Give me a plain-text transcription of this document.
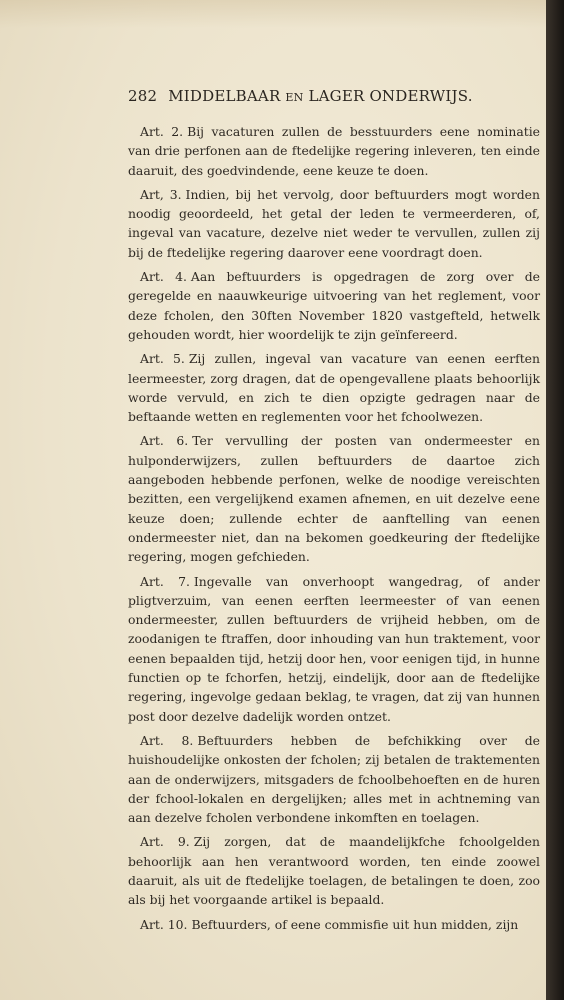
282 MIDDELBAAR EN LAGER ONDERWIJS.

Art. 2. Bij vacaturen zullen de besstuurders eene nominatie van drie perfonen aan de ftedelijke regering inleveren, ten einde daaruit, des goedvindende, eene keuze te doen.

Art, 3. Indien, bij het vervolg, door beftuurders mogt worden noodig geoordeeld, het getal der leden te vermeerderen, of, ingeval van vacature, dezelve niet weder te vervullen, zullen zij bij de ftedelijke regering daarover eene voordragt doen.

Art. 4. Aan beftuurders is opgedragen de zorg over de geregelde en naauwkeurige uitvoering van het reglement, voor deze fcholen, den 30ften November 1820 vastgefteld, hetwelk gehouden wordt, hier woordelijk te zijn geïnfereerd.

Art. 5. Zij zullen, ingeval van vacature van eenen eerften leermeester, zorg dragen, dat de opengevallene plaats behoorlijk worde vervuld, en zich te dien opzigte gedragen naar de beftaande wetten en reglementen voor het fchoolwezen.

Art. 6. Ter vervulling der posten van ondermeester en hulponderwijzers, zullen beftuurders de daartoe zich aangeboden hebbende perfonen, welke de noodige vereischten bezitten, een vergelijkend examen afnemen, en uit dezelve eene keuze doen; zullende echter de aanftelling van eenen ondermeester niet, dan na bekomen goedkeuring der ftedelijke regering, mogen gefchieden.

Art. 7. Ingevalle van onverhoopt wangedrag, of ander pligtverzuim, van eenen eerften leermeester of van eenen ondermeester, zullen beftuurders de vrijheid hebben, om de zoodanigen te ftraffen, door inhouding van hun traktement, voor eenen bepaalden tijd, hetzij door hen, voor eenigen tijd, in hunne functien op te fchorfen, hetzij, eindelijk, door aan de ftedelijke regering, ingevolge gedaan beklag, te vragen, dat zij van hunnen post door dezelve dadelijk worden ontzet.

Art. 8. Beftuurders hebben de befchikking over de huishoudelijke onkosten der fcholen; zij betalen de traktementen aan de onderwijzers, mitsgaders de fchoolbehoeften en de huren der fchool-lokalen en dergelijken; alles met in achtneming van aan dezelve fcholen verbondene inkomften en toelagen.

Art. 9. Zij zorgen, dat de maandelijkfche fchoolgelden behoorlijk aan hen verantwoord worden, ten einde zoowel daaruit, als uit de ftedelijke toelagen, de betalingen te doen, zoo als bij het voorgaande artikel is bepaald.

Art. 10. Beftuurders, of eene commisfie uit hun midden, zijn
